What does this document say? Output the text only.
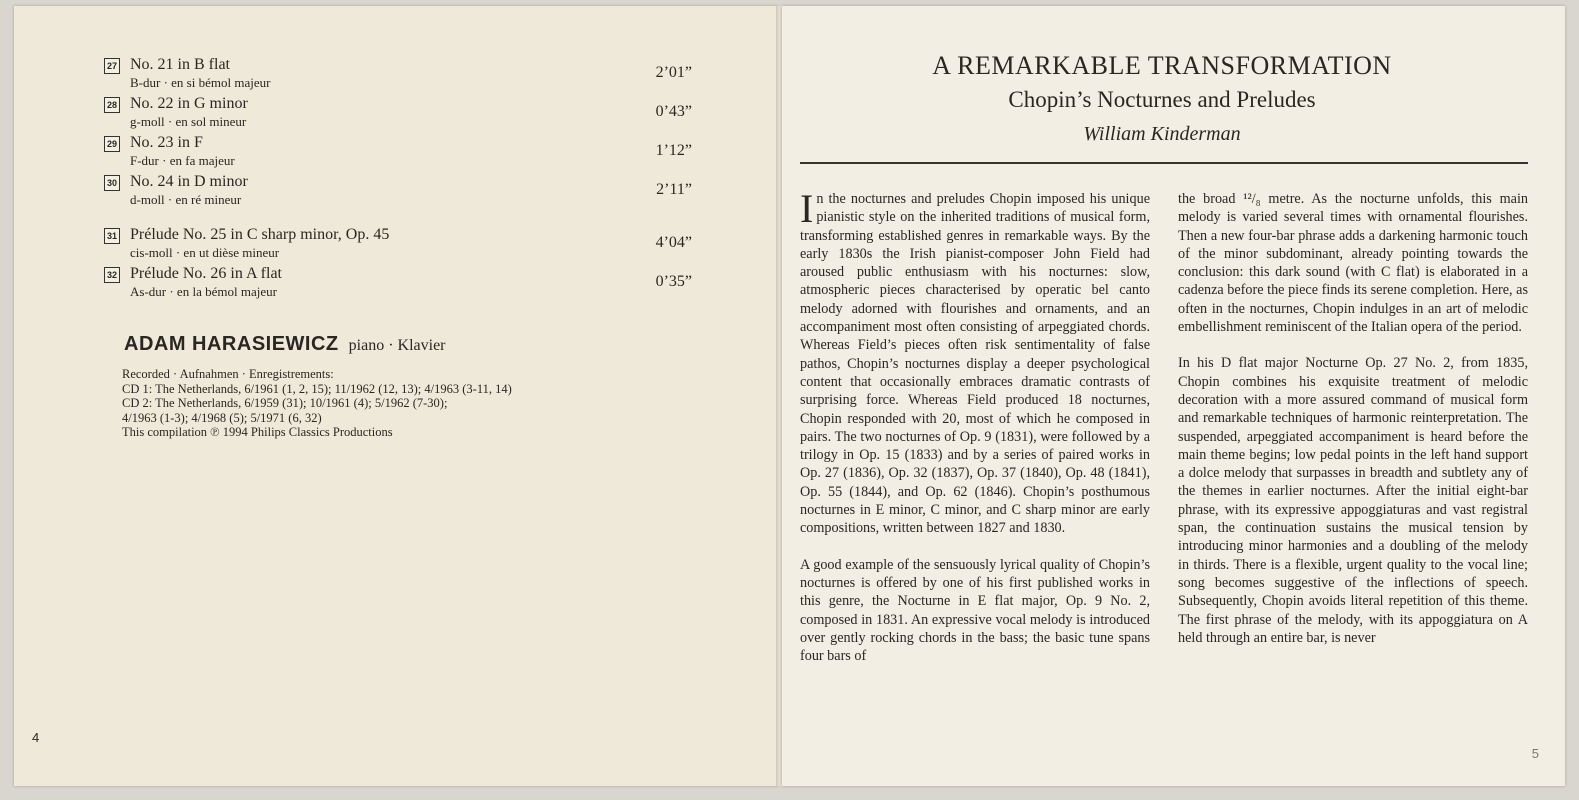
27 No. 21 in B flat
B-dur · en si bémol majeur
2’01”
28 No. 22 in G minor
g-moll · en sol mineur
0’43”
29 No. 23 in F
F-dur · en fa majeur
1’12”
30 No. 24 in D minor
d-moll · en ré mineur
2’11”
31 Prélude No. 25 in C sharp minor, Op. 45
cis-moll · en ut dièse mineur
4’04”
32 Prélude No. 26 in A flat
As-dur · en la bémol majeur
0’35”
ADAM HARASIEWICZ piano · Klavier
Recorded · Aufnahmen · Enregistrements:
CD 1: The Netherlands, 6/1961 (1, 2, 15); 11/1962 (12, 13); 4/1963 (3-11, 14)
CD 2: The Netherlands, 6/1959 (31); 10/1961 (4); 5/1962 (7-30);
4/1963 (1-3); 4/1968 (5); 5/1971 (6, 32)
This compilation ℗ 1994 Philips Classics Productions
4
A REMARKABLE TRANSFORMATION
Chopin’s Nocturnes and Preludes
William Kinderman

In the nocturnes and preludes Chopin imposed his unique pianistic style on the inherited traditions of musical form, transforming established genres in remarkable ways. By the early 1830s the Irish pianist-composer John Field had aroused public enthusiasm with his nocturnes: slow, atmospheric pieces characterised by operatic bel canto melody adorned with flourishes and ornaments, and an accompaniment most often consisting of arpeggiated chords. Whereas Field’s pieces often risk sentimentality of false pathos, Chopin’s nocturnes display a deeper psychological content that occasionally embraces dramatic contrasts of surprising force. Whereas Field produced 18 nocturnes, Chopin responded with 20, most of which he composed in pairs. The two nocturnes of Op. 9 (1831), were followed by a trilogy in Op. 15 (1833) and by a series of paired works in Op. 27 (1836), Op. 32 (1837), Op. 37 (1840), Op. 48 (1841), Op. 55 (1844), and Op. 62 (1846). Chopin’s posthumous nocturnes in E minor, C minor, and C sharp minor are early compositions, written between 1827 and 1830.

A good example of the sensuously lyrical quality of Chopin’s nocturnes is offered by one of his first published works in this genre, the Nocturne in E flat major, Op. 9 No. 2, composed in 1831. An expressive vocal melody is introduced over gently rocking chords in the bass; the basic tune spans four bars of

the broad ¹²/₈ metre. As the nocturne unfolds, this main melody is varied several times with ornamental flourishes. Then a new four-bar phrase adds a darkening harmonic touch of the minor subdominant, already pointing towards the conclusion: this dark sound (with C flat) is elaborated in a cadenza before the piece finds its serene completion. Here, as often in the nocturnes, Chopin indulges in an art of melodic embellishment reminiscent of the Italian opera of the period.

In his D flat major Nocturne Op. 27 No. 2, from 1835, Chopin combines his exquisite treatment of melodic decoration with a more assured command of musical form and remarkable techniques of harmonic reinterpretation. The suspended, arpeggiated accompaniment is heard before the main theme begins; low pedal points in the left hand support a dolce melody that surpasses in breadth and subtlety any of the themes in earlier nocturnes. After the initial eight-bar phrase, with its expressive appoggiaturas and vast registral span, the continuation sustains the musical tension by introducing minor harmonies and a doubling of the melody in thirds. There is a flexible, urgent quality to the vocal line; song becomes suggestive of the inflections of speech. Subsequently, Chopin avoids literal repetition of this theme. The first phrase of the melody, with its appoggiatura on A held through an entire bar, is never

5
